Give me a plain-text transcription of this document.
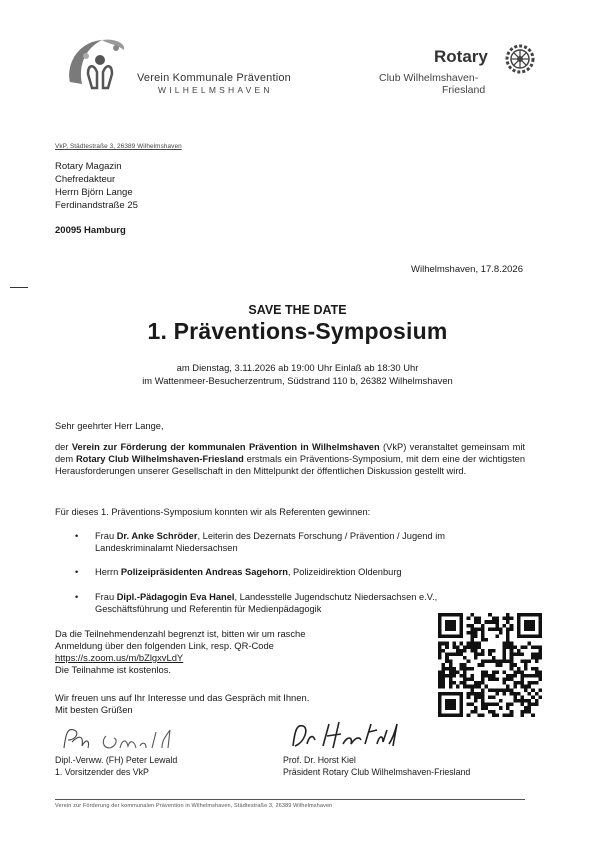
Verein Kommunale Prävention
WILHELMSHAVEN
Rotary
Club Wilhelmshaven-
Friesland
VkP, Städtestraße 3, 26389 Wilhelmshaven
Rotary Magazin
Chefredakteur
Herrn Björn Lange
Ferdinandstraße 25
20095 Hamburg
Wilhelmshaven, 17.8.2026
SAVE THE DATE
1. Präventions-Symposium
am Dienstag, 3.11.2026 ab 19:00 Uhr Einlaß ab 18:30 Uhr
im Wattenmeer-Besucherzentrum, Südstrand 110 b, 26382 Wilhelmshaven
Sehr geehrter Herr Lange,
der Verein zur Förderung der kommunalen Prävention in Wilhelmshaven (VkP) veranstaltet gemeinsam mit dem Rotary Club Wilhelmshaven-Friesland erstmals ein Präventions-Symposium, mit dem eine der wichtigsten Herausforderungen unserer Gesellschaft in den Mittelpunkt der öffentlichen Diskussion gestellt wird.
Für dieses 1. Präventions-Symposium konnten wir als Referenten gewinnen:
• Frau Dr. Anke Schröder, Leiterin des Dezernats Forschung / Prävention / Jugend im Landeskriminalamt Niedersachsen
• Herrn Polizeipräsidenten Andreas Sagehorn, Polizeidirektion Oldenburg
• Frau Dipl.-Pädagogin Eva Hanel, Landesstelle Jugendschutz Niedersachsen e.V., Geschäftsführung und Referentin für Medienpädagogik
Da die Teilnehmendenzahl begrenzt ist, bitten wir um rasche
Anmeldung über den folgenden Link, resp. QR-Code
https://s.zoom.us/m/bZlgxvLdY
Die Teilnahme ist kostenlos.
Wir freuen uns auf Ihr Interesse und das Gespräch mit Ihnen.
Mit besten Grüßen
Dipl.-Verww. (FH) Peter Lewald
1. Vorsitzender des VkP
Prof. Dr. Horst Kiel
Präsident Rotary Club Wilhelmshaven-Friesland
Verein zur Förderung der kommunalen Prävention in Wilhelmshaven, Städtestraße 3, 26389 Wilhelmshaven
